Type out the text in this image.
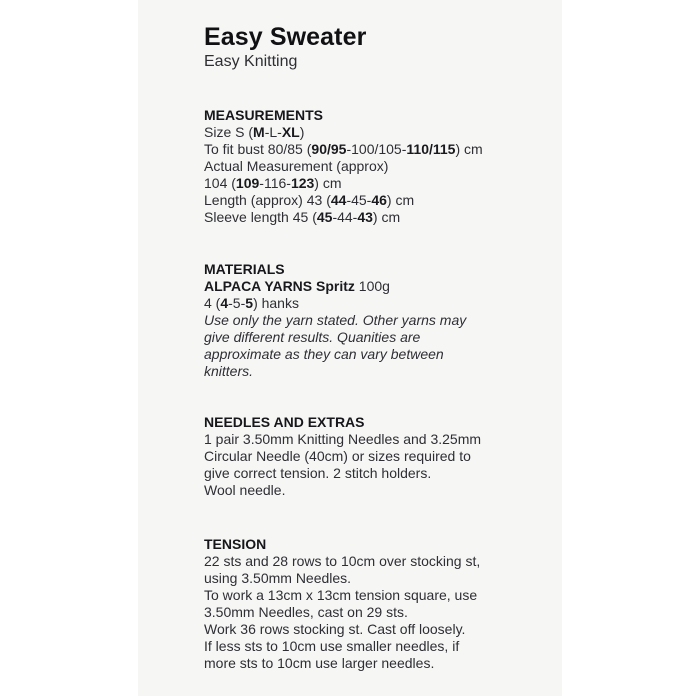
Easy Sweater

Easy Knitting

MEASUREMENTS

Size S (M-L-XL)

To fit bust 80/85 (90/95-100/105-110/115) cm

Actual Measurement (approx)

104 (109-116-123) cm

Length (approx) 43 (44-45-46) cm

Sleeve length 45 (45-44-43) cm

MATERIALS

ALPACA YARNS Spritz 100g

4 (4-5-5) hanks

Use only the yarn stated. Other yarns may

give different results. Quanities are

approximate as they can vary between

knitters.

NEEDLES AND EXTRAS

1 pair 3.50mm Knitting Needles and 3.25mm

Circular Needle (40cm) or sizes required to

give correct tension. 2 stitch holders.

Wool needle.

TENSION

22 sts and 28 rows to 10cm over stocking st,

using 3.50mm Needles.

To work a 13cm x 13cm tension square, use

3.50mm Needles, cast on 29 sts.

Work 36 rows stocking st. Cast off loosely.

If less sts to 10cm use smaller needles, if

more sts to 10cm use larger needles.
